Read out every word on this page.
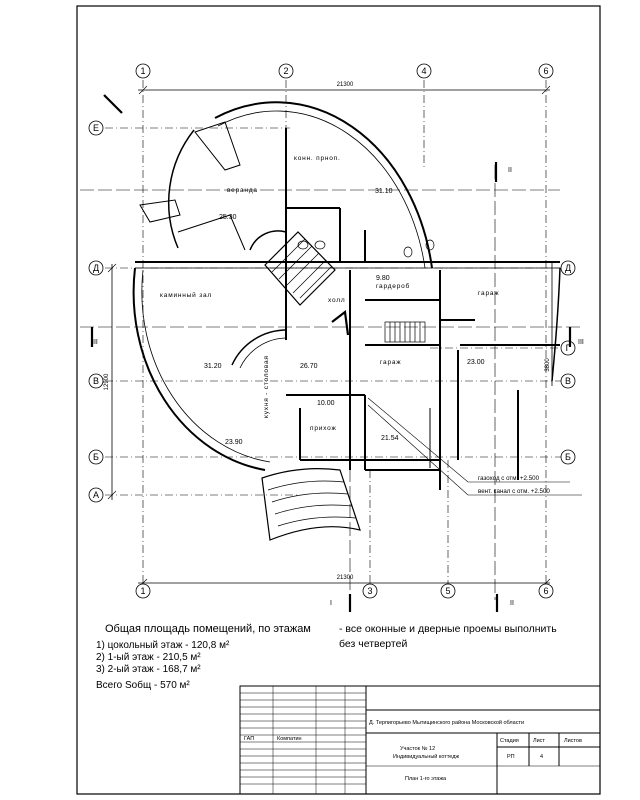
1	2	4	6
1	3	5	6
Е
Д
В
Б
А
Д
Г
В
Б
21300
21300
12900
3800
II
III	III
I	II
веранда
конн. прноп.
каминный зал
холл
гардероб
гараж
гараж
прихож
кухня - столовая
25.30
31.10
31.20	26.70
23.90
9.80
10.00
21.54
23.00
газоход с отм. +2.500
вент. канал с отм. +2.500
Д. Терпигорьево Мытищинского района Московской области
ГАП	Компатин
Участок № 12
Индивидуальный коттедж
План 1-го этажа
Стадия	Лист	Листов
РП	4
Общая площадь помещений, по этажам
1) цокольный этаж - 120,8 м²
2) 1-ый этаж - 210,5 м²
3) 2-ый этаж - 168,7 м²
Всего Sобщ - 570 м²
- все оконные и дверные проемы выполнить
без четвертей
